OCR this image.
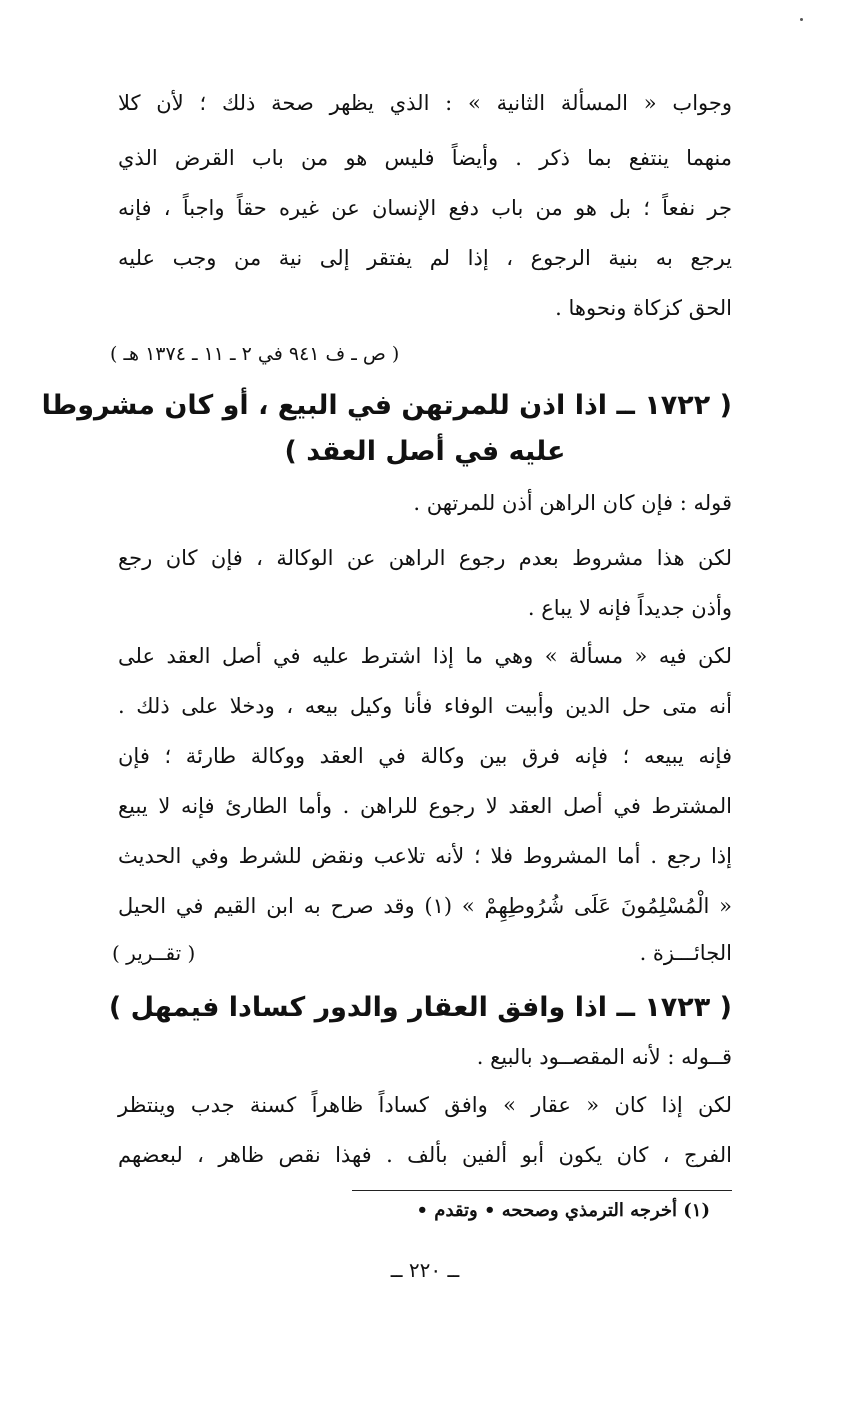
وجواب « المسألة الثانية » : الذي يظهر صحة ذلك ؛ لأن كلا
منهما ينتفع بما ذكر . وأيضاً فليس هو من باب القرض الذي
جر نفعاً ؛ بل هو من باب دفع الإنسان عن غيره حقاً واجباً ، فإنه
يرجع به بنية الرجوع ، إذا لم يفتقر إلى نية من وجب عليه
الحق كزكاة ونحوها .
( ص ـ ف ٩٤١ في ٢ ـ ١١ ـ ١٣٧٤ هـ )
( ١٧٢٢ ــ اذا اذن للمرتهن في البيع ، أو كان مشروطا
عليه في أصل العقد )
قوله : فإن كان الراهن أذن للمرتهن .
لكن هذا مشروط بعدم رجوع الراهن عن الوكالة ، فإن كان رجع
وأذن جديداً فإنه لا يباع .
لكن فيه « مسألة » وهي ما إذا اشترط عليه في أصل العقد على
أنه متى حل الدين وأبيت الوفاء فأنا وكيل بيعه ، ودخلا على ذلك .
فإنه يبيعه ؛ فإنه فرق بين وكالة في العقد ووكالة طارئة ؛ فإن
المشترط في أصل العقد لا رجوع للراهن . وأما الطارئ فإنه لا يبيع
إذا رجع . أما المشروط فلا ؛ لأنه تلاعب ونقض للشرط وفي الحديث
« الْمُسْلِمُونَ عَلَى شُرُوطِهِمْ » (١) وقد صرح به ابن القيم في الحيل
الجائـــزة .
( تقــرير )
( ١٧٢٣ ــ اذا وافق العقار والدور كسادا فيمهل )
قــوله : لأنه المقصــود بالبيع .
لكن إذا كان « عقار » وافق كساداً ظاهراً كسنة جدب وينتظر
الفرج ، كان يكون أبو ألفين بألف . فهذا نقص ظاهر ، لبعضهم
(١) أخرجه الترمذي وصححه • وتقدم •
ــ ٢٢٠ ــ
